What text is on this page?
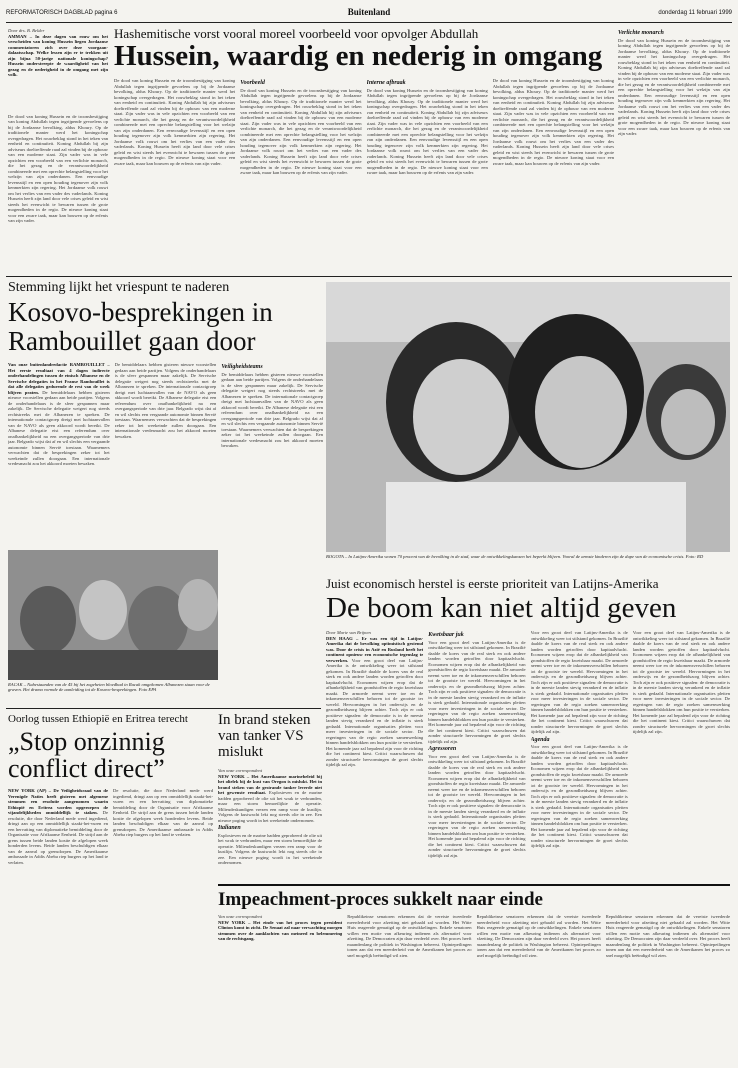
REFORMATORISCH DAGBLAD pagina 6	Buitenland	donderdag 11 februari 1999
Door drs. B. Belder
AMMAN – In deze dagen van rouw om het verscheiden van koning Hussein liegen Jordaanse commentatoren zich over deze voorgaan-dalaatsschap. Welke lessen zijn er te trekken uit zijn bijna 50-jarige nationale koningschap? Hussein onderstreepte de waardigheid van het gezag en de nederigheid in de omgang met zijn volk.
De dood van koning Hussein en de troonsbestijging van koning Abdullah tegen ingrijpende gevoelens op bij de Jordaanse bevolking, aldus Khoury. Op de traditionele manier werd het koningschap overgedragen. Het rouwbeklag stond in het teken van eenheid en continuïteit. Koning Abdullah bij zijn adviseurs doeltreffende raad zal vinden bij de opbouw van een moderne staat. Zijn vader was in vele opzichten een voorbeeld van een verlichte monarch, die het gezag en de verantwoordelijkheid combineerde met een oprechte belangstelling voor het welzijn van zijn onderdanen. Een eenvoudige levensstijl en een open houding tegenover zijn volk kenmerkten zijn regering. Het Jordaanse volk rouwt om het verlies van een vader des vaderlands. Koning Hussein heeft zijn land door vele crises geleid en wist steeds het evenwicht te bewaren tussen de grote mogendheden in de regio. De nieuwe koning staat voor een zware taak, maar kan bouwen op de erfenis van zijn vader.
Hashemitische vorst vooral moreel voorbeeld voor opvolger Abdullah
Hussein, waardig en nederig in omgang
De dood van koning Hussein en de troonsbestijging van koning Abdullah tegen ingrijpende gevoelens op bij de Jordaanse bevolking, aldus Khoury. Op de traditionele manier werd het koningschap overgedragen. Het rouwbeklag stond in het teken van eenheid en continuïteit. Koning Abdullah bij zijn adviseurs doeltreffende raad zal vinden bij de opbouw van een moderne staat. Zijn vader was in vele opzichten een voorbeeld van een verlichte monarch, die het gezag en de verantwoordelijkheid combineerde met een oprechte belangstelling voor het welzijn van zijn onderdanen. Een eenvoudige levensstijl en een open houding tegenover zijn volk kenmerkten zijn regering. Het Jordaanse volk rouwt om het verlies van een vader des vaderlands. Koning Hussein heeft zijn land door vele crises geleid en wist steeds het evenwicht te bewaren tussen de grote mogendheden in de regio. De nieuwe koning staat voor een zware taak, maar kan bouwen op de erfenis van zijn vader.
Voorbeeld
De dood van koning Hussein en de troonsbestijging van koning Abdullah tegen ingrijpende gevoelens op bij de Jordaanse bevolking, aldus Khoury. Op de traditionele manier werd het koningschap overgedragen. Het rouwbeklag stond in het teken van eenheid en continuïteit. Koning Abdullah bij zijn adviseurs doeltreffende raad zal vinden bij de opbouw van een moderne staat. Zijn vader was in vele opzichten een voorbeeld van een verlichte monarch, die het gezag en de verantwoordelijkheid combineerde met een oprechte belangstelling voor het welzijn van zijn onderdanen. Een eenvoudige levensstijl en een open houding tegenover zijn volk kenmerkten zijn regering. Het Jordaanse volk rouwt om het verlies van een vader des vaderlands. Koning Hussein heeft zijn land door vele crises geleid en wist steeds het evenwicht te bewaren tussen de grote mogendheden in de regio. De nieuwe koning staat voor een zware taak, maar kan bouwen op de erfenis van zijn vader.
Interne afbraak
De dood van koning Hussein en de troonsbestijging van koning Abdullah tegen ingrijpende gevoelens op bij de Jordaanse bevolking, aldus Khoury. Op de traditionele manier werd het koningschap overgedragen. Het rouwbeklag stond in het teken van eenheid en continuïteit. Koning Abdullah bij zijn adviseurs doeltreffende raad zal vinden bij de opbouw van een moderne staat. Zijn vader was in vele opzichten een voorbeeld van een verlichte monarch, die het gezag en de verantwoordelijkheid combineerde met een oprechte belangstelling voor het welzijn van zijn onderdanen. Een eenvoudige levensstijl en een open houding tegenover zijn volk kenmerkten zijn regering. Het Jordaanse volk rouwt om het verlies van een vader des vaderlands. Koning Hussein heeft zijn land door vele crises geleid en wist steeds het evenwicht te bewaren tussen de grote mogendheden in de regio. De nieuwe koning staat voor een zware taak, maar kan bouwen op de erfenis van zijn vader.
De dood van koning Hussein en de troonsbestijging van koning Abdullah tegen ingrijpende gevoelens op bij de Jordaanse bevolking, aldus Khoury. Op de traditionele manier werd het koningschap overgedragen. Het rouwbeklag stond in het teken van eenheid en continuïteit. Koning Abdullah bij zijn adviseurs doeltreffende raad zal vinden bij de opbouw van een moderne staat. Zijn vader was in vele opzichten een voorbeeld van een verlichte monarch, die het gezag en de verantwoordelijkheid combineerde met een oprechte belangstelling voor het welzijn van zijn onderdanen. Een eenvoudige levensstijl en een open houding tegenover zijn volk kenmerkten zijn regering. Het Jordaanse volk rouwt om het verlies van een vader des vaderlands. Koning Hussein heeft zijn land door vele crises geleid en wist steeds het evenwicht te bewaren tussen de grote mogendheden in de regio. De nieuwe koning staat voor een zware taak, maar kan bouwen op de erfenis van zijn vader.
Verlichte monarch
De dood van koning Hussein en de troonsbestijging van koning Abdullah tegen ingrijpende gevoelens op bij de Jordaanse bevolking, aldus Khoury. Op de traditionele manier werd het koningschap overgedragen. Het rouwbeklag stond in het teken van eenheid en continuïteit. Koning Abdullah bij zijn adviseurs doeltreffende raad zal vinden bij de opbouw van een moderne staat. Zijn vader was in vele opzichten een voorbeeld van een verlichte monarch, die het gezag en de verantwoordelijkheid combineerde met een oprechte belangstelling voor het welzijn van zijn onderdanen. Een eenvoudige levensstijl en een open houding tegenover zijn volk kenmerkten zijn regering. Het Jordaanse volk rouwt om het verlies van een vader des vaderlands. Koning Hussein heeft zijn land door vele crises geleid en wist steeds het evenwicht te bewaren tussen de grote mogendheden in de regio. De nieuwe koning staat voor een zware taak, maar kan bouwen op de erfenis van zijn vader.
Stemming lijkt het vriespunt te naderen
Kosovo-besprekingen in Rambouillet gaan door
Van onze buitenlandredactie RAMBOUILLET – Het eerste resultaat van 4 dagen indirecte onderhandelingen tussen de etnisch Albanese en de Servische delegaties in het Franse Rambouillet is dat alle delegaties gedurende de rest van de week blijven praten. De bemiddelaars hebben gisteren nieuwe voorstellen gedaan aan beide partijen. Volgens de onderhandelaars is de sfeer gespannen maar zakelijk. De Servische delegatie weigert nog steeds rechtstreeks met de Albanezen te spreken. De internationale contactgroep dreigt met luchtaanvallen van de NAVO als geen akkoord wordt bereikt. De Albanese delegatie eist een referendum over onafhankelijkheid na een overgangsperiode van drie jaar. Belgrado wijst dat af en wil slechts een vergaande autonomie binnen Servië toestaan. Waarnemers verwachten dat de besprekingen zeker tot het weekeinde zullen doorgaan. Een internationale vredesmacht zou het akkoord moeten bewaken.
De bemiddelaars hebben gisteren nieuwe voorstellen gedaan aan beide partijen. Volgens de onderhandelaars is de sfeer gespannen maar zakelijk. De Servische delegatie weigert nog steeds rechtstreeks met de Albanezen te spreken. De internationale contactgroep dreigt met luchtaanvallen van de NAVO als geen akkoord wordt bereikt. De Albanese delegatie eist een referendum over onafhankelijkheid na een overgangsperiode van drie jaar. Belgrado wijst dat af en wil slechts een vergaande autonomie binnen Servië toestaan. Waarnemers verwachten dat de besprekingen zeker tot het weekeinde zullen doorgaan. Een internationale vredesmacht zou het akkoord moeten bewaken.
Veiligheidsteams
De bemiddelaars hebben gisteren nieuwe voorstellen gedaan aan beide partijen. Volgens de onderhandelaars is de sfeer gespannen maar zakelijk. De Servische delegatie weigert nog steeds rechtstreeks met de Albanezen te spreken. De internationale contactgroep dreigt met luchtaanvallen van de NAVO als geen akkoord wordt bereikt. De Albanese delegatie eist een referendum over onafhankelijkheid na een overgangsperiode van drie jaar. Belgrado wijst dat af en wil slechts een vergaande autonomie binnen Servië toestaan. Waarnemers verwachten dat de besprekingen zeker tot het weekeinde zullen doorgaan. Een internationale vredesmacht zou het akkoord moeten bewaken.
RACAK – Nabestaanden van de 45 bij het zogeheten bloedbad in Racak omgekomen Albanezen staan voor de graven. Het drama vormde de aanleiding tot de Kosovo-besprekingen. Foto EPA
BOGOTA – In Latijns-Amerika wonen 70 procent van de bevolking in de stad, waar de ontwikkelingskansen het beperkt blijven. Vooral de armste kinderen zijn de dupe van de economische crisis. Foto: RD
Juist economisch herstel is eerste prioriteit van Latijns-Amerika
De boom kan niet altijd geven
Door Marie van Brijnen
DEN HAAG – Er was een tijd in Latijns-Amerika dat de bevolking optimistisch gestemd was. Door de crisis in Azië en Rusland heeft het continent opnieuw een economische tegenslag te verwerken. Voor een groot deel van Latijns-Amerika is de ontwikkeling weer tot stilstand gekomen. In Brazilië daalde de koers van de real sterk en ook andere landen worden getroffen door kapitaalvlucht. Economen wijzen erop dat de afhankelijkheid van grondstoffen de regio kwetsbaar maakt. De armoede neemt weer toe en de inkomensverschillen behoren tot de grootste ter wereld. Hervormingen in het onderwijs en de gezondheidszorg blijven achter. Toch zijn er ook positieve signalen: de democratie is in de meeste landen stevig verankerd en de inflatie is sterk gedaald. Internationale organisaties pleiten voor meer investeringen in de sociale sector. De regeringen van de regio zoeken samenwerking binnen handelsblokken om hun positie te versterken. Het komende jaar zal bepalend zijn voor de richting die het continent kiest. Critici waarschuwen dat zonder structurele hervormingen de groei slechts tijdelijk zal zijn.
Kwetsbaar juk
Voor een groot deel van Latijns-Amerika is de ontwikkeling weer tot stilstand gekomen. In Brazilië daalde de koers van de real sterk en ook andere landen worden getroffen door kapitaalvlucht. Economen wijzen erop dat de afhankelijkheid van grondstoffen de regio kwetsbaar maakt. De armoede neemt weer toe en de inkomensverschillen behoren tot de grootste ter wereld. Hervormingen in het onderwijs en de gezondheidszorg blijven achter. Toch zijn er ook positieve signalen: de democratie is in de meeste landen stevig verankerd en de inflatie is sterk gedaald. Internationale organisaties pleiten voor meer investeringen in de sociale sector. De regeringen van de regio zoeken samenwerking binnen handelsblokken om hun positie te versterken. Het komende jaar zal bepalend zijn voor de richting die het continent kiest. Critici waarschuwen dat zonder structurele hervormingen de groei slechts tijdelijk zal zijn.
Agressoren
Voor een groot deel van Latijns-Amerika is de ontwikkeling weer tot stilstand gekomen. In Brazilië daalde de koers van de real sterk en ook andere landen worden getroffen door kapitaalvlucht. Economen wijzen erop dat de afhankelijkheid van grondstoffen de regio kwetsbaar maakt. De armoede neemt weer toe en de inkomensverschillen behoren tot de grootste ter wereld. Hervormingen in het onderwijs en de gezondheidszorg blijven achter. Toch zijn er ook positieve signalen: de democratie is in de meeste landen stevig verankerd en de inflatie is sterk gedaald. Internationale organisaties pleiten voor meer investeringen in de sociale sector. De regeringen van de regio zoeken samenwerking binnen handelsblokken om hun positie te versterken. Het komende jaar zal bepalend zijn voor de richting die het continent kiest. Critici waarschuwen dat zonder structurele hervormingen de groei slechts tijdelijk zal zijn.
Voor een groot deel van Latijns-Amerika is de ontwikkeling weer tot stilstand gekomen. In Brazilië daalde de koers van de real sterk en ook andere landen worden getroffen door kapitaalvlucht. Economen wijzen erop dat de afhankelijkheid van grondstoffen de regio kwetsbaar maakt. De armoede neemt weer toe en de inkomensverschillen behoren tot de grootste ter wereld. Hervormingen in het onderwijs en de gezondheidszorg blijven achter. Toch zijn er ook positieve signalen: de democratie is in de meeste landen stevig verankerd en de inflatie is sterk gedaald. Internationale organisaties pleiten voor meer investeringen in de sociale sector. De regeringen van de regio zoeken samenwerking binnen handelsblokken om hun positie te versterken. Het komende jaar zal bepalend zijn voor de richting die het continent kiest. Critici waarschuwen dat zonder structurele hervormingen de groei slechts tijdelijk zal zijn.
Agenda
Voor een groot deel van Latijns-Amerika is de ontwikkeling weer tot stilstand gekomen. In Brazilië daalde de koers van de real sterk en ook andere landen worden getroffen door kapitaalvlucht. Economen wijzen erop dat de afhankelijkheid van grondstoffen de regio kwetsbaar maakt. De armoede neemt weer toe en de inkomensverschillen behoren tot de grootste ter wereld. Hervormingen in het onderwijs en de gezondheidszorg blijven achter. Toch zijn er ook positieve signalen: de democratie is in de meeste landen stevig verankerd en de inflatie is sterk gedaald. Internationale organisaties pleiten voor meer investeringen in de sociale sector. De regeringen van de regio zoeken samenwerking binnen handelsblokken om hun positie te versterken. Het komende jaar zal bepalend zijn voor de richting die het continent kiest. Critici waarschuwen dat zonder structurele hervormingen de groei slechts tijdelijk zal zijn.
Voor een groot deel van Latijns-Amerika is de ontwikkeling weer tot stilstand gekomen. In Brazilië daalde de koers van de real sterk en ook andere landen worden getroffen door kapitaalvlucht. Economen wijzen erop dat de afhankelijkheid van grondstoffen de regio kwetsbaar maakt. De armoede neemt weer toe en de inkomensverschillen behoren tot de grootste ter wereld. Hervormingen in het onderwijs en de gezondheidszorg blijven achter. Toch zijn er ook positieve signalen: de democratie is in de meeste landen stevig verankerd en de inflatie is sterk gedaald. Internationale organisaties pleiten voor meer investeringen in de sociale sector. De regeringen van de regio zoeken samenwerking binnen handelsblokken om hun positie te versterken. Het komende jaar zal bepalend zijn voor de richting die het continent kiest. Critici waarschuwen dat zonder structurele hervormingen de groei slechts tijdelijk zal zijn.
Oorlog tussen Ethiopië en Eritrea terecht
„Stop onzinnig conflict direct”
NEW YORK (AP) – De Veiligheidsraad van de Verenigde Naties heeft gisteren met algemene stemmen een resolutie aangenomen waarin Ethiopië en Eritrea worden opgeroepen de vijandelijkheden onmiddellijk te staken. De resolutie, die door Nederland mede werd ingediend, dringt aan op een onmiddellijk staakt-het-vuren en een hervatting van diplomatieke bemiddeling door de Organisatie voor Afrikaanse Eenheid. De strijd aan de grens tussen beide landen kostte de afgelopen week honderden levens. Beide landen beschuldigen elkaar van de aanval op grensdorpen. De Amerikaanse ambassade in Addis Abeba riep burgers op het land te verlaten.
De resolutie, die door Nederland mede werd ingediend, dringt aan op een onmiddellijk staakt-het-vuren en een hervatting van diplomatieke bemiddeling door de Organisatie voor Afrikaanse Eenheid. De strijd aan de grens tussen beide landen kostte de afgelopen week honderden levens. Beide landen beschuldigen elkaar van de aanval op grensdorpen. De Amerikaanse ambassade in Addis Abeba riep burgers op het land te verlaten.
In brand steken van tanker VS mislukt
Van onze correspondent
NEW YORK – Het Amerikaanse marinebeleid bij het olielek bij de kust van Oregon is mislukt. Het in brand steken van de gestrande tanker leverde niet het gewenste resultaat. Explosieven en de marine hadden geprobeerd de olie uit het wrak te verbranden, maar een storm bemoeilijkte de operatie. Milieudeskundigen vrezen een ramp voor de kustlijn. Volgens de kustwacht lekt nog steeds olie in zee. Een nieuwe poging wordt in het weekeinde ondernomen.
Italianen
Explosieven en de marine hadden geprobeerd de olie uit het wrak te verbranden, maar een storm bemoeilijkte de operatie. Milieudeskundigen vrezen een ramp voor de kustlijn. Volgens de kustwacht lekt nog steeds olie in zee. Een nieuwe poging wordt in het weekeinde ondernomen.
Impeachment-proces sukkelt naar einde
Van onze correspondent
NEW YORK – Het einde van het proces tegen president Clinton komt in zicht. De Senaat zal naar verwachting morgen stemmen over de aanklachten van meineed en belemmering van de rechtsgang.
Republikeinse senatoren erkennen dat de vereiste tweederde meerderheid voor afzetting niet gehaald zal worden. Het Witte Huis reageerde gematigd op de ontwikkelingen. Enkele senatoren willen een motie van afkeuring indienen als alternatief voor afzetting. De Democraten zijn daar verdeeld over. Het proces heeft maandenlang de politiek in Washington beheerst. Opiniepeilingen tonen aan dat een meerderheid van de Amerikanen het proces zo snel mogelijk beëindigd wil zien.
Republikeinse senatoren erkennen dat de vereiste tweederde meerderheid voor afzetting niet gehaald zal worden. Het Witte Huis reageerde gematigd op de ontwikkelingen. Enkele senatoren willen een motie van afkeuring indienen als alternatief voor afzetting. De Democraten zijn daar verdeeld over. Het proces heeft maandenlang de politiek in Washington beheerst. Opiniepeilingen tonen aan dat een meerderheid van de Amerikanen het proces zo snel mogelijk beëindigd wil zien.
Republikeinse senatoren erkennen dat de vereiste tweederde meerderheid voor afzetting niet gehaald zal worden. Het Witte Huis reageerde gematigd op de ontwikkelingen. Enkele senatoren willen een motie van afkeuring indienen als alternatief voor afzetting. De Democraten zijn daar verdeeld over. Het proces heeft maandenlang de politiek in Washington beheerst. Opiniepeilingen tonen aan dat een meerderheid van de Amerikanen het proces zo snel mogelijk beëindigd wil zien.
